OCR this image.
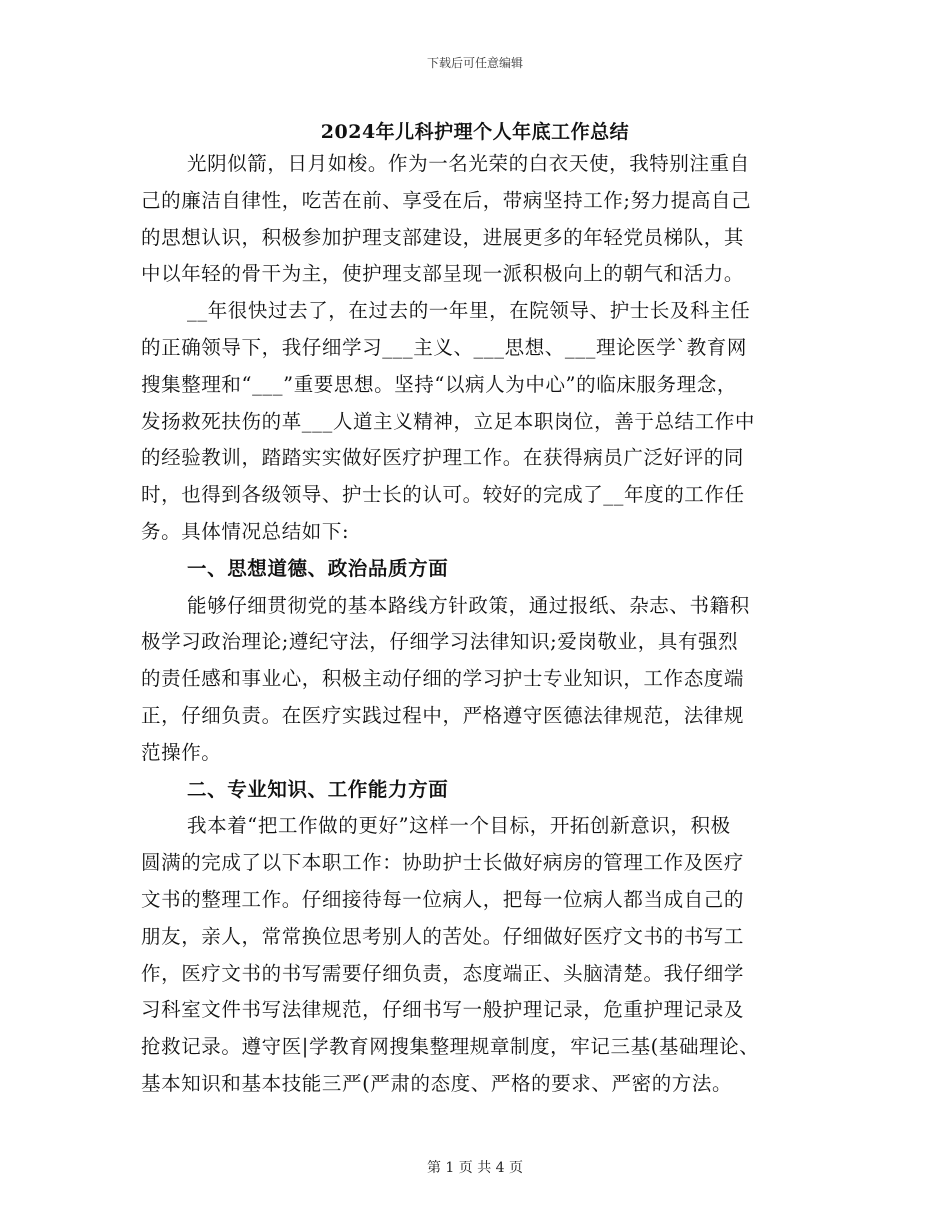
下载后可任意编辑
2024年儿科护理个人年底工作总结
光阴似箭，日月如梭。作为一名光荣的白衣天使，我特别注重自
己的廉洁自律性，吃苦在前、享受在后，带病坚持工作;努力提高自己
的思想认识，积极参加护理支部建设，进展更多的年轻党员梯队，其
中以年轻的骨干为主，使护理支部呈现一派积极向上的朝气和活力。
__年很快过去了，在过去的一年里，在院领导、护士长及科主任
的正确领导下，我仔细学习___主义、___思想、___理论医学`教育网
搜集整理和“___”重要思想。坚持“以病人为中心”的临床服务理念，
发扬救死扶伤的革___人道主义精神，立足本职岗位，善于总结工作中
的经验教训，踏踏实实做好医疗护理工作。在获得病员广泛好评的同
时，也得到各级领导、护士长的认可。较好的完成了__年度的工作任
务。具体情况总结如下:
一、思想道德、政治品质方面
能够仔细贯彻党的基本路线方针政策，通过报纸、杂志、书籍积
极学习政治理论;遵纪守法，仔细学习法律知识;爱岗敬业，具有强烈
的责任感和事业心，积极主动仔细的学习护士专业知识，工作态度端
正，仔细负责。在医疗实践过程中，严格遵守医德法律规范，法律规
范操作。
二、专业知识、工作能力方面
我本着“把工作做的更好”这样一个目标，开拓创新意识，积极
圆满的完成了以下本职工作：协助护士长做好病房的管理工作及医疗
文书的整理工作。仔细接待每一位病人，把每一位病人都当成自己的
朋友，亲人，常常换位思考别人的苦处。仔细做好医疗文书的书写工
作，医疗文书的书写需要仔细负责，态度端正、头脑清楚。我仔细学
习科室文件书写法律规范，仔细书写一般护理记录，危重护理记录及
抢救记录。遵守医|学教育网搜集整理规章制度，牢记三基(基础理论、
基本知识和基本技能三严(严肃的态度、严格的要求、严密的方法。
第 1 页 共 4 页
